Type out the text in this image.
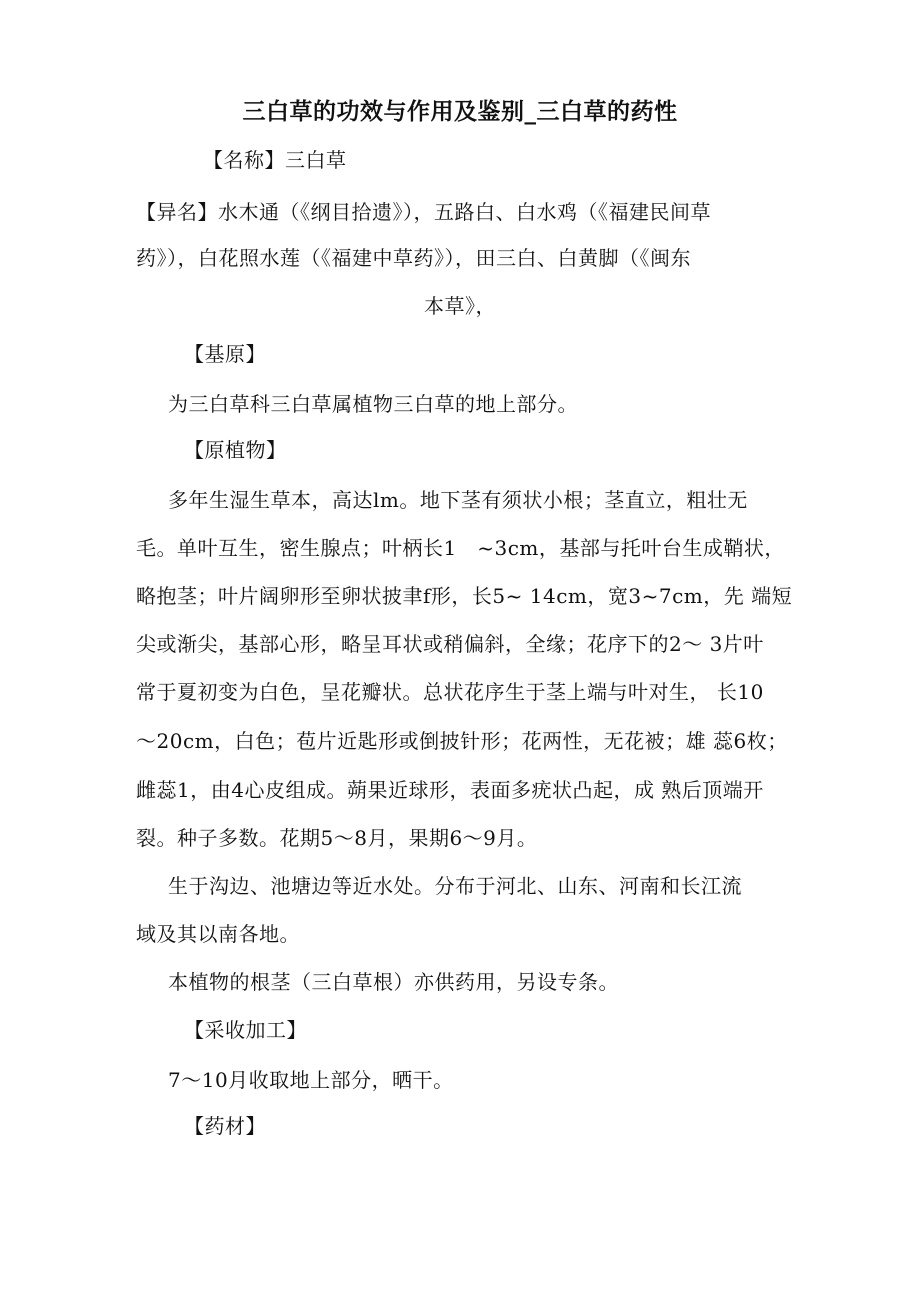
三白草的功效与作用及鉴别_三白草的药性
【名称】三白草
【异名】水木通（《纲目拾遗》），五路白、白水鸡（《福建民间草
药》），白花照水莲（《福建中草药》），田三白、白黄脚（《闽东
本草》，
【基原】
为三白草科三白草属植物三白草的地上部分。
【原植物】
多年生湿生草本，高达lm。地下茎有须状小根；茎直立，粗壮无
毛。单叶互生，密生腺点；叶柄长1　~3cm，基部与托叶台生成鞘状，
略抱茎；叶片阔卵形至卵状披聿f形，长5~ 14cm，宽3~7cm，先 端短
尖或渐尖，基部心形，略呈耳状或稍偏斜，全缘；花序下的2〜 3片叶
常于夏初变为白色，呈花瓣状。总状花序生于茎上端与叶对生， 长10
〜20cm，白色；苞片近匙形或倒披针形；花两性，无花被；雄 蕊6枚；
雌蕊1，由4心皮组成。蒴果近球形，表面多疣状凸起，成 熟后顶端开
裂。种子多数。花期5〜8月，果期6〜9月。
生于沟边、池塘边等近水处。分布于河北、山东、河南和长江流
域及其以南各地。
本植物的根茎（三白草根）亦供药用，另设专条。
【采收加工】
7〜10月收取地上部分，晒干。
【药材】
